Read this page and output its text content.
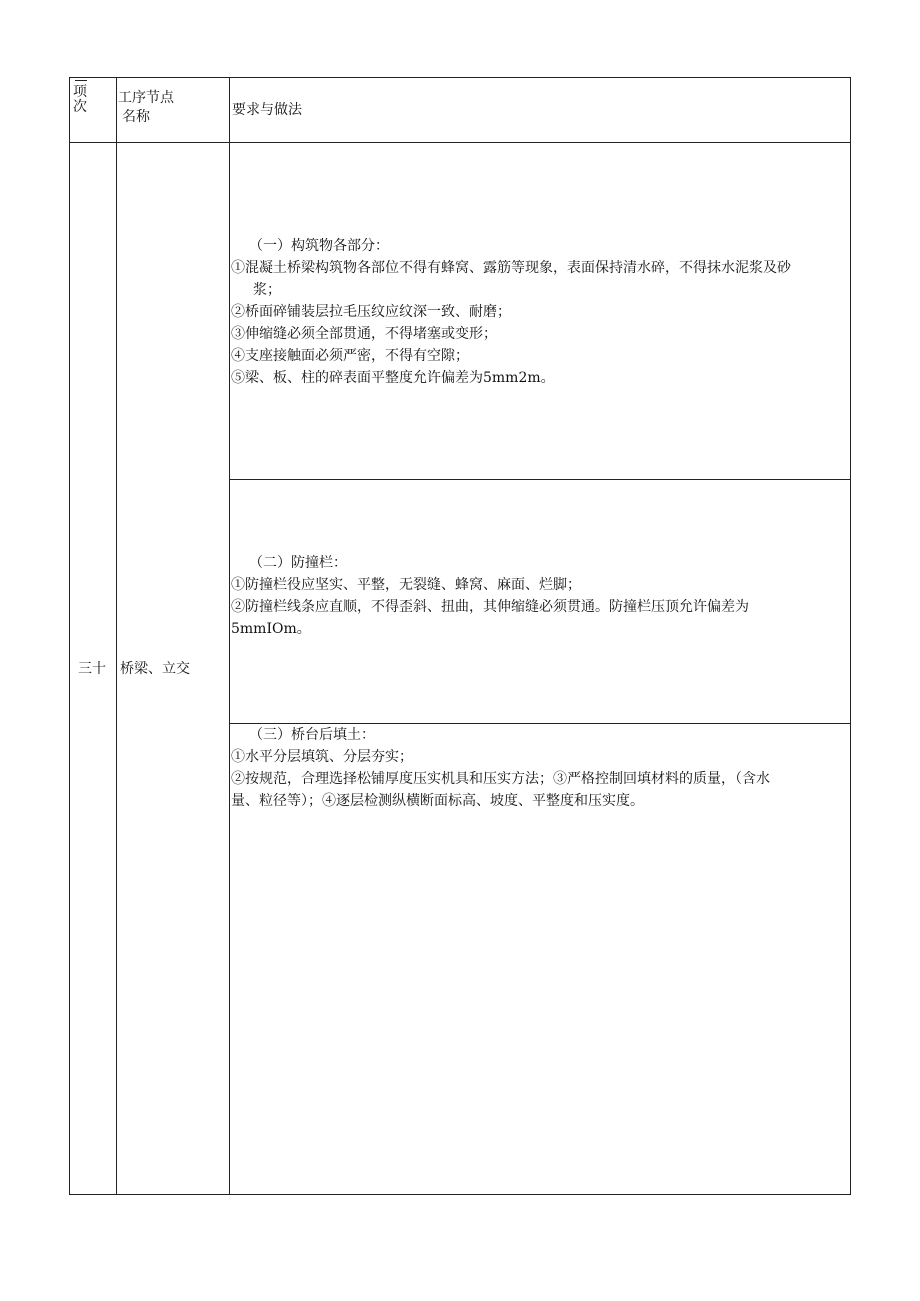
项
次
工序节点
名称	要求与做法
三十 桥梁、立交
（一）构筑物各部分：
①混凝土桥梁构筑物各部位不得有蜂窝、露筋等现象，表面保持清水碎，不得抹水泥浆及砂
浆；
②桥面碎铺装层拉毛压纹应纹深一致、耐磨；
③伸缩缝必须全部贯通，不得堵塞或变形；
④支座接触面必须严密，不得有空隙；
⑤梁、板、柱的碎表面平整度允许偏差为5mm2m。
（二）防撞栏：
①防撞栏役应坚实、平整，无裂缝、蜂窝、麻面、烂脚；
②防撞栏线条应直顺，不得歪斜、扭曲，其伸缩缝必须贯通。防撞栏压顶允许偏差为
5mmIOm。
（三）桥台后填土：
①水平分层填筑、分层夯实；
②按规范，合理选择松铺厚度压实机具和压实方法；③严格控制回填材料的质量，（含水
量、粒径等）；④逐层检测纵横断面标高、坡度、平整度和压实度。
